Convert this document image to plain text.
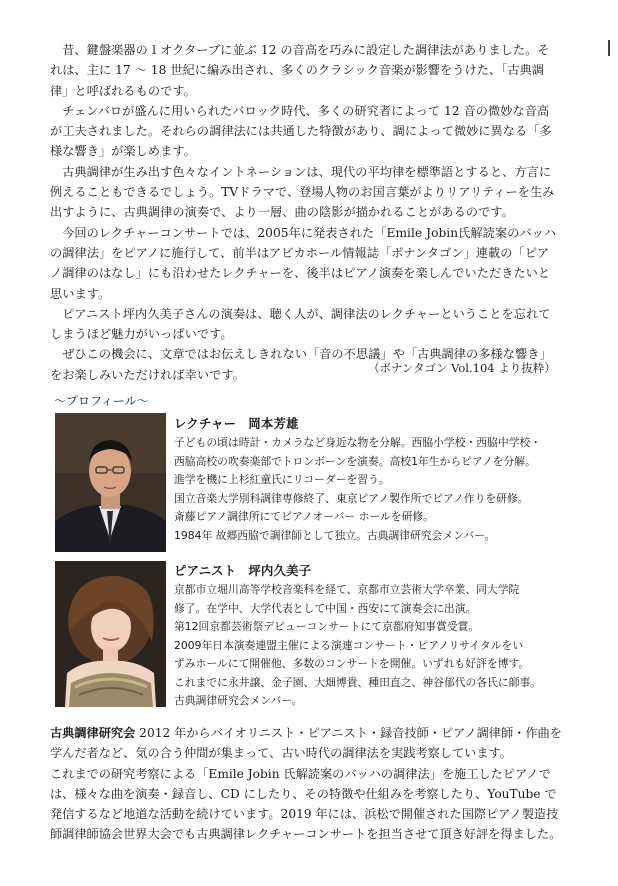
昔、鍵盤楽器の１オクターブに並ぶ 12 の音高を巧みに設定した調律法がありました。それは、主に 17 ～ 18 世紀に編み出され、多くのクラシック音楽が影響をうけた、「古典調律」と呼ばれるものです。

チェンバロが盛んに用いられたバロック時代、多くの研究者によって 12 音の微妙な音高が工夫されました。それらの調律法には共通した特徴があり、調によって微妙に異なる「多様な響き」が楽しめます。

古典調律が生み出す色々なイントネーションは、現代の平均律を標準語とすると、方言に例えることもできるでしょう。TVドラマで、登場人物のお国言葉がよりリアリティーを生み出すように、古典調律の演奏で、より一層、曲の陰影が描かれることがあるのです。

今回のレクチャーコンサートでは、2005年に発表された「Emile Jobin氏解読案のバッハの調律法」をピアノに施行して、前半はアビカホール情報誌「ボナンタゴン」連載の「ピアノ調律のはなし」にも沿わせたレクチャーを、後半はピアノ演奏を楽しんでいただきたいと思います。

ピアニスト坪内久美子さんの演奏は、聴く人が、調律法のレクチャーということを忘れてしまうほど魅力がいっぱいです。

ぜひこの機会に、文章ではお伝えしきれない「音の不思議」や「古典調律の多様な響き」をお楽しみいただければ幸いです。	（ボナンタゴン Vol.104 より抜粋）
～プロフィール～

レクチャー 岡本芳雄

子どもの頃は時計・カメラなど身近な物を分解。西脇小学校・西脇中学校・

西脇高校の吹奏楽部でトロンボーンを演奏。高校1年生からピアノを分解。

進学を機に上杉紅童氏にリコーダーを習う。

国立音楽大学別科調律専修終了、東京ピアノ製作所でピアノ作りを研修。

斎藤ピアノ調律所にてピアノオーバー ホールを研修。

1984年 故郷西脇で調律師として独立。古典調律研究会メンバー。

ピアニスト 坪内久美子

京都市立堀川高等学校音楽科を経て、京都市立芸術大学卒業、同大学院

修了。在学中、大学代表として中国・西安にて演奏会に出演。

第12回京都芸術祭デビューコンサートにて京都府知事賞受賞。

2009年日本演奏連盟主催による演連コンサート・ピアノリサイタルをい

ずみホールにて開催他、多数のコンサートを開催。いずれも好評を博す。

これまでに永井譲、金子園、大畑博貴、種田直之、神谷郁代の各氏に師事。

古典調律研究会メンバー。

古典調律研究会 2012 年からバイオリニスト・ピアニスト・録音技師・ピアノ調律師・作曲を学んだ者など、気の合う仲間が集まって、古い時代の調律法を実践考察しています。

これまでの研究考察による「Emile Jobin 氏解読案のバッハの調律法」を施工したピアノでは、様々な曲を演奏・録音し、CD にしたり、その特徴や仕組みを考察したり、YouTube で発信するなど地道な活動を続けています。2019 年には、浜松で開催された国際ピアノ製造技師調律師協会世界大会でも古典調律レクチャーコンサートを担当させて頂き好評を得ました。
